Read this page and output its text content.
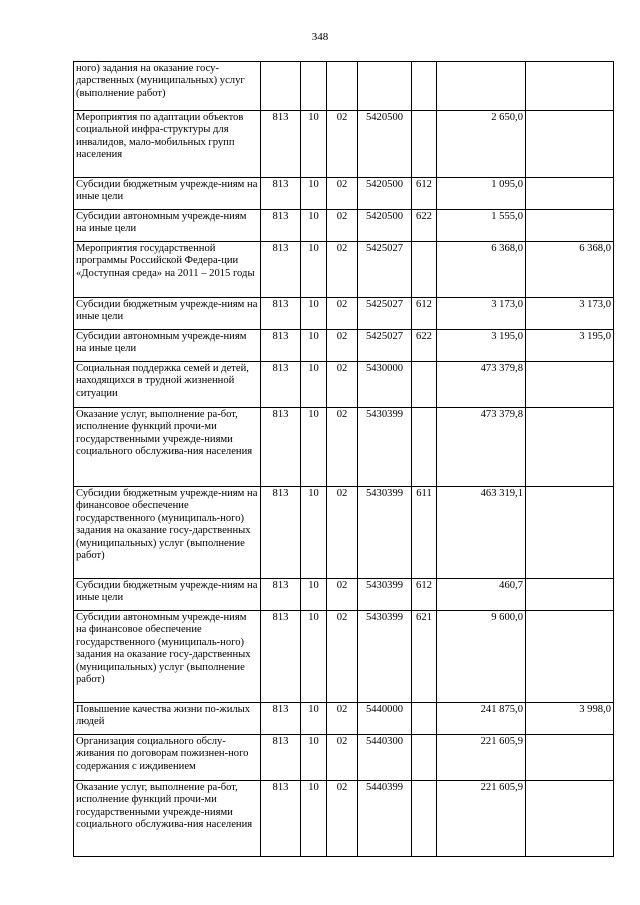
348
ного) задания на оказание госу-дарственных (муниципальных) услуг (выполнение работ)							
Мероприятия по адаптации объектов социальной инфра-структуры для инвалидов, мало-мобильных групп населения	813	10	02	5420500		2 650,0	
Субсидии бюджетным учрежде-ниям на иные цели	813	10	02	5420500	612	1 095,0	
Субсидии автономным учрежде-ниям на иные цели	813	10	02	5420500	622	1 555,0	
Мероприятия государственной программы Российской Федера-ции «Доступная среда» на 2011 – 2015 годы	813	10	02	5425027		6 368,0	6 368,0
Субсидии бюджетным учрежде-ниям на иные цели	813	10	02	5425027	612	3 173,0	3 173,0
Субсидии автономным учрежде-ниям на иные цели	813	10	02	5425027	622	3 195,0	3 195,0
Социальная поддержка семей и детей, находящихся в трудной жизненной ситуации	813	10	02	5430000		473 379,8	
Оказание услуг, выполнение ра-бот, исполнение функций прочи-ми государственными учрежде-ниями социального обслужива-ния населения	813	10	02	5430399		473 379,8	
Субсидии бюджетным учрежде-ниям на финансовое обеспечение государственного (муниципаль-ного) задания на оказание госу-дарственных (муниципальных) услуг (выполнение работ)	813	10	02	5430399	611	463 319,1	
Субсидии бюджетным учрежде-ниям на иные цели	813	10	02	5430399	612	460,7	
Субсидии автономным учрежде-ниям на финансовое обеспечение государственного (муниципаль-ного) задания на оказание госу-дарственных (муниципальных) услуг (выполнение работ)	813	10	02	5430399	621	9 600,0	
Повышение качества жизни по-жилых людей	813	10	02	5440000		241 875,0	3 998,0
Организация социального обслу-живания по договорам пожизнен-ного содержания с иждивением	813	10	02	5440300		221 605,9	
Оказание услуг, выполнение ра-бот, исполнение функций прочи-ми государственными учрежде-ниями социального обслужива-ния населения	813	10	02	5440399		221 605,9	
